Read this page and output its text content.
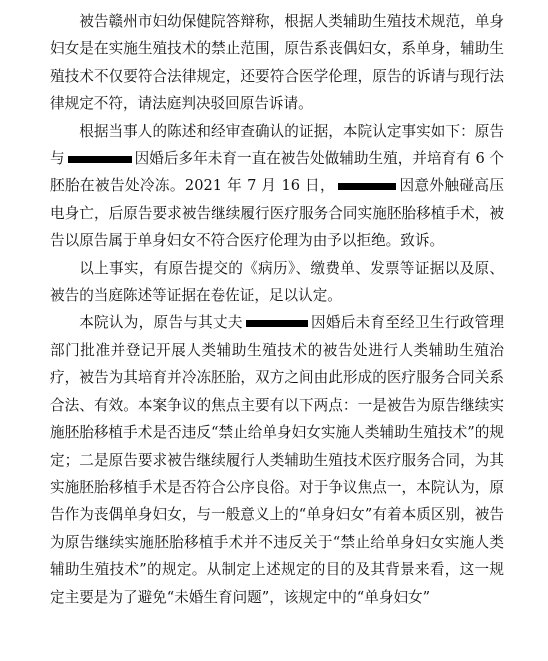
被告赣州市妇幼保健院答辩称，根据人类辅助生殖技术规范，单身妇女是在实施生殖技术的禁止范围，原告系丧偶妇女，系单身，辅助生殖技术不仅要符合法律规定，还要符合医学伦理，原告的诉请与现行法律规定不符，请法庭判决驳回原告诉请。

根据当事人的陈述和经审查确认的证据，本院认定事实如下：原告与	因婚后多年未育一直在被告处做辅助生殖，并培育有 6 个胚胎在被告处冷冻。2021 年 7 月 16 日，	因意外触碰高压电身亡，后原告要求被告继续履行医疗服务合同实施胚胎移植手术，被告以原告属于单身妇女不符合医疗伦理为由予以拒绝。致诉。

以上事实，有原告提交的《病历》、缴费单、发票等证据以及原、被告的当庭陈述等证据在卷佐证，足以认定。

本院认为，原告与其丈夫	因婚后未育至经卫生行政管理部门批准并登记开展人类辅助生殖技术的被告处进行人类辅助生殖治疗，被告为其培育并冷冻胚胎，双方之间由此形成的医疗服务合同关系合法、有效。本案争议的焦点主要有以下两点：一是被告为原告继续实施胚胎移植手术是否违反“禁止给单身妇女实施人类辅助生殖技术”的规定；二是原告要求被告继续履行人类辅助生殖技术医疗服务合同，为其实施胚胎移植手术是否符合公序良俗。对于争议焦点一，本院认为，原告作为丧偶单身妇女，与一般意义上的“单身妇女”有着本质区别，被告为原告继续实施胚胎移植手术并不违反关于“禁止给单身妇女实施人类辅助生殖技术”的规定。从制定上述规定的目的及其背景来看，这一规定主要是为了避免“未婚生育问题”，该规定中的“单身妇女”
